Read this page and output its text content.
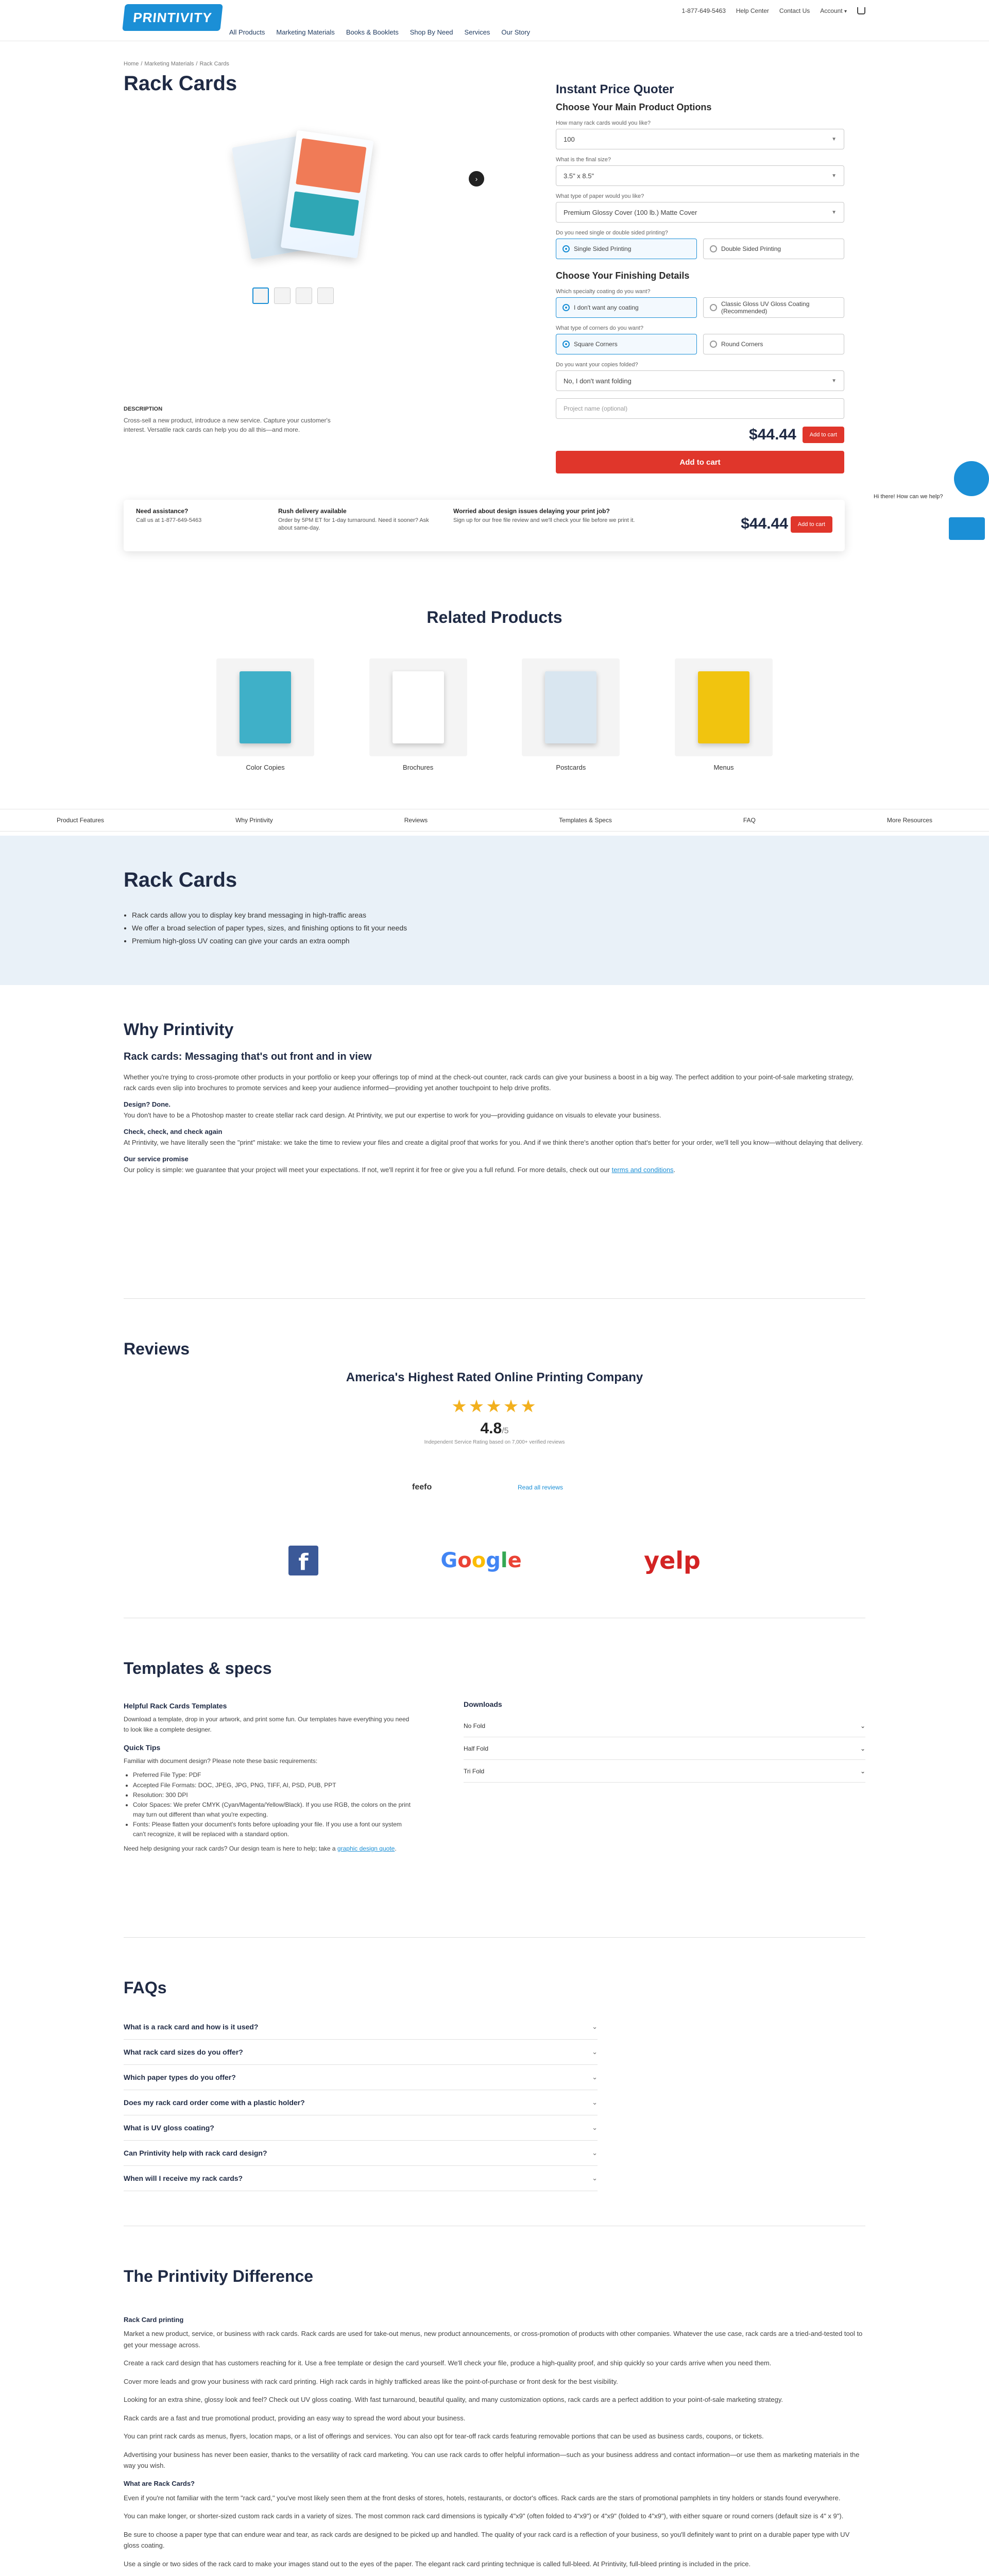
PRINTIVITY
All Products Marketing Materials Books & Booklets Shop By Need Services Our Story
1-877-649-5463 Help Center Contact Us Account ▾
Home / Marketing Materials / Rack Cards
Rack Cards
›
DESCRIPTION
Cross-sell a new product, introduce a new service. Capture your customer's interest. Versatile rack cards can help you do all this—and more.
Instant Price Quoter
Choose Your Main Product Options
How many rack cards would you like?
100	▼
What is the final size?
3.5" x 8.5"	▼
What type of paper would you like?
Premium Glossy Cover (100 lb.) Matte Cover	▼
Do you need single or double sided printing?
Single Sided Printing	Double Sided Printing
Choose Your Finishing Details
Which specialty coating do you want?
I don't want any coating	Classic Gloss UV Gloss Coating (Recommended)
What type of corners do you want?
Square Corners	Round Corners
Do you want your copies folded?
No, I don't want folding	▼
Project name (optional)
$44.44	Add to cart
Add to cart
Need assistance?
Call us at 1-877-649-5463
Rush delivery available
Order by 5PM ET for 1-day turnaround. Need it sooner? Ask about same-day.
Worried about design issues delaying your print job?
Sign up for our free file review and we'll check your file before we print it.	$44.44	Add to cart
Hi there! How can we help?
Related Products
Color Copies	Brochures	Postcards	Menus
Product Features	Why Printivity	Reviews	Templates & Specs	FAQ	More Resources
Rack Cards
• Rack cards allow you to display key brand messaging in high-traffic areas
• We offer a broad selection of paper types, sizes, and finishing options to fit your needs
• Premium high-gloss UV coating can give your cards an extra oomph
Why Printivity
Rack cards: Messaging that's out front and in view

Whether you're trying to cross-promote other products in your portfolio or keep your offerings top of mind at the check-out counter, rack cards can give your business a boost in a big way. The perfect addition to your point-of-sale marketing strategy, rack cards even slip into brochures to promote services and keep your audience informed—providing yet another touchpoint to help drive profits.

Design? Done.

You don't have to be a Photoshop master to create stellar rack card design. At Printivity, we put our expertise to work for you—providing guidance on visuals to elevate your business.

Check, check, and check again

At Printivity, we have literally seen the "print" mistake: we take the time to review your files and create a digital proof that works for you. And if we think there's another option that's better for your order, we'll tell you know—without delaying that delivery.

Our service promise

Our policy is simple: we guarantee that your project will meet your expectations. If not, we'll reprint it for free or give you a full refund. For more details, check out our terms and conditions.

Reviews
America's Highest Rated Online Printing Company
★★★★★
4.8/5
Independent Service Rating based on 7,000+ verified reviews
feefo	Read all reviews
f	Google	yelp
Templates & specs
Helpful Rack Cards Templates

Download a template, drop in your artwork, and print some fun. Our templates have everything you need to look like a complete designer.

Quick Tips

Familiar with document design? Please note these basic requirements:

• Preferred File Type: PDF
• Accepted File Formats: DOC, JPEG, JPG, PNG, TIFF, AI, PSD, PUB, PPT
• Resolution: 300 DPI
• Color Spaces: We prefer CMYK (Cyan/Magenta/Yellow/Black). If you use RGB, the colors on the print may turn out different than what you're expecting.
• Fonts: Please flatten your document's fonts before uploading your file. If you use a font our system can't recognize, it will be replaced with a standard option.

Need help designing your rack cards? Our design team is here to help; take a graphic design quote.

Downloads
No Fold	⌄
Half Fold	⌄
Tri Fold	⌄
FAQs
What is a rack card and how is it used?	⌄
What rack card sizes do you offer?	⌄
Which paper types do you offer?	⌄
Does my rack card order come with a plastic holder?	⌄
What is UV gloss coating?	⌄
Can Printivity help with rack card design?	⌄
When will I receive my rack cards?	⌄
The Printivity Difference
Rack Card printing

Market a new product, service, or business with rack cards. Rack cards are used for take-out menus, new product announcements, or cross-promotion of products with other companies. Whatever the use case, rack cards are a tried-and-tested tool to get your message across.

Create a rack card design that has customers reaching for it. Use a free template or design the card yourself. We'll check your file, produce a high-quality proof, and ship quickly so your cards arrive when you need them.

Cover more leads and grow your business with rack card printing. High rack cards in highly trafficked areas like the point-of-purchase or front desk for the best visibility.

Looking for an extra shine, glossy look and feel? Check out UV gloss coating. With fast turnaround, beautiful quality, and many customization options, rack cards are a perfect addition to your point-of-sale marketing strategy.

Rack cards are a fast and true promotional product, providing an easy way to spread the word about your business.

You can print rack cards as menus, flyers, location maps, or a list of offerings and services. You can also opt for tear-off rack cards featuring removable portions that can be used as business cards, coupons, or tickets.

Advertising your business has never been easier, thanks to the versatility of rack card marketing. You can use rack cards to offer helpful information—such as your business address and contact information—or use them as marketing materials in the way you wish.

What are Rack Cards?

Even if you're not familiar with the term "rack card," you've most likely seen them at the front desks of stores, hotels, restaurants, or doctor's offices. Rack cards are the stars of promotional pamphlets in tiny holders or stands found everywhere.

You can make longer, or shorter-sized custom rack cards in a variety of sizes. The most common rack card dimensions is typically 4"x9" (often folded to 4"x9") or 4"x9" (folded to 4"x9"), with either square or round corners (default size is 4" x 9").

Be sure to choose a paper type that can endure wear and tear, as rack cards are designed to be picked up and handled. The quality of your rack card is a reflection of your business, so you'll definitely want to print on a durable paper type with UV gloss coating.

Use a single or two sides of the rack card to make your images stand out to the eyes of the paper. The elegant rack card printing technique is called full-bleed. At Printivity, full-bleed printing is included in the price.
